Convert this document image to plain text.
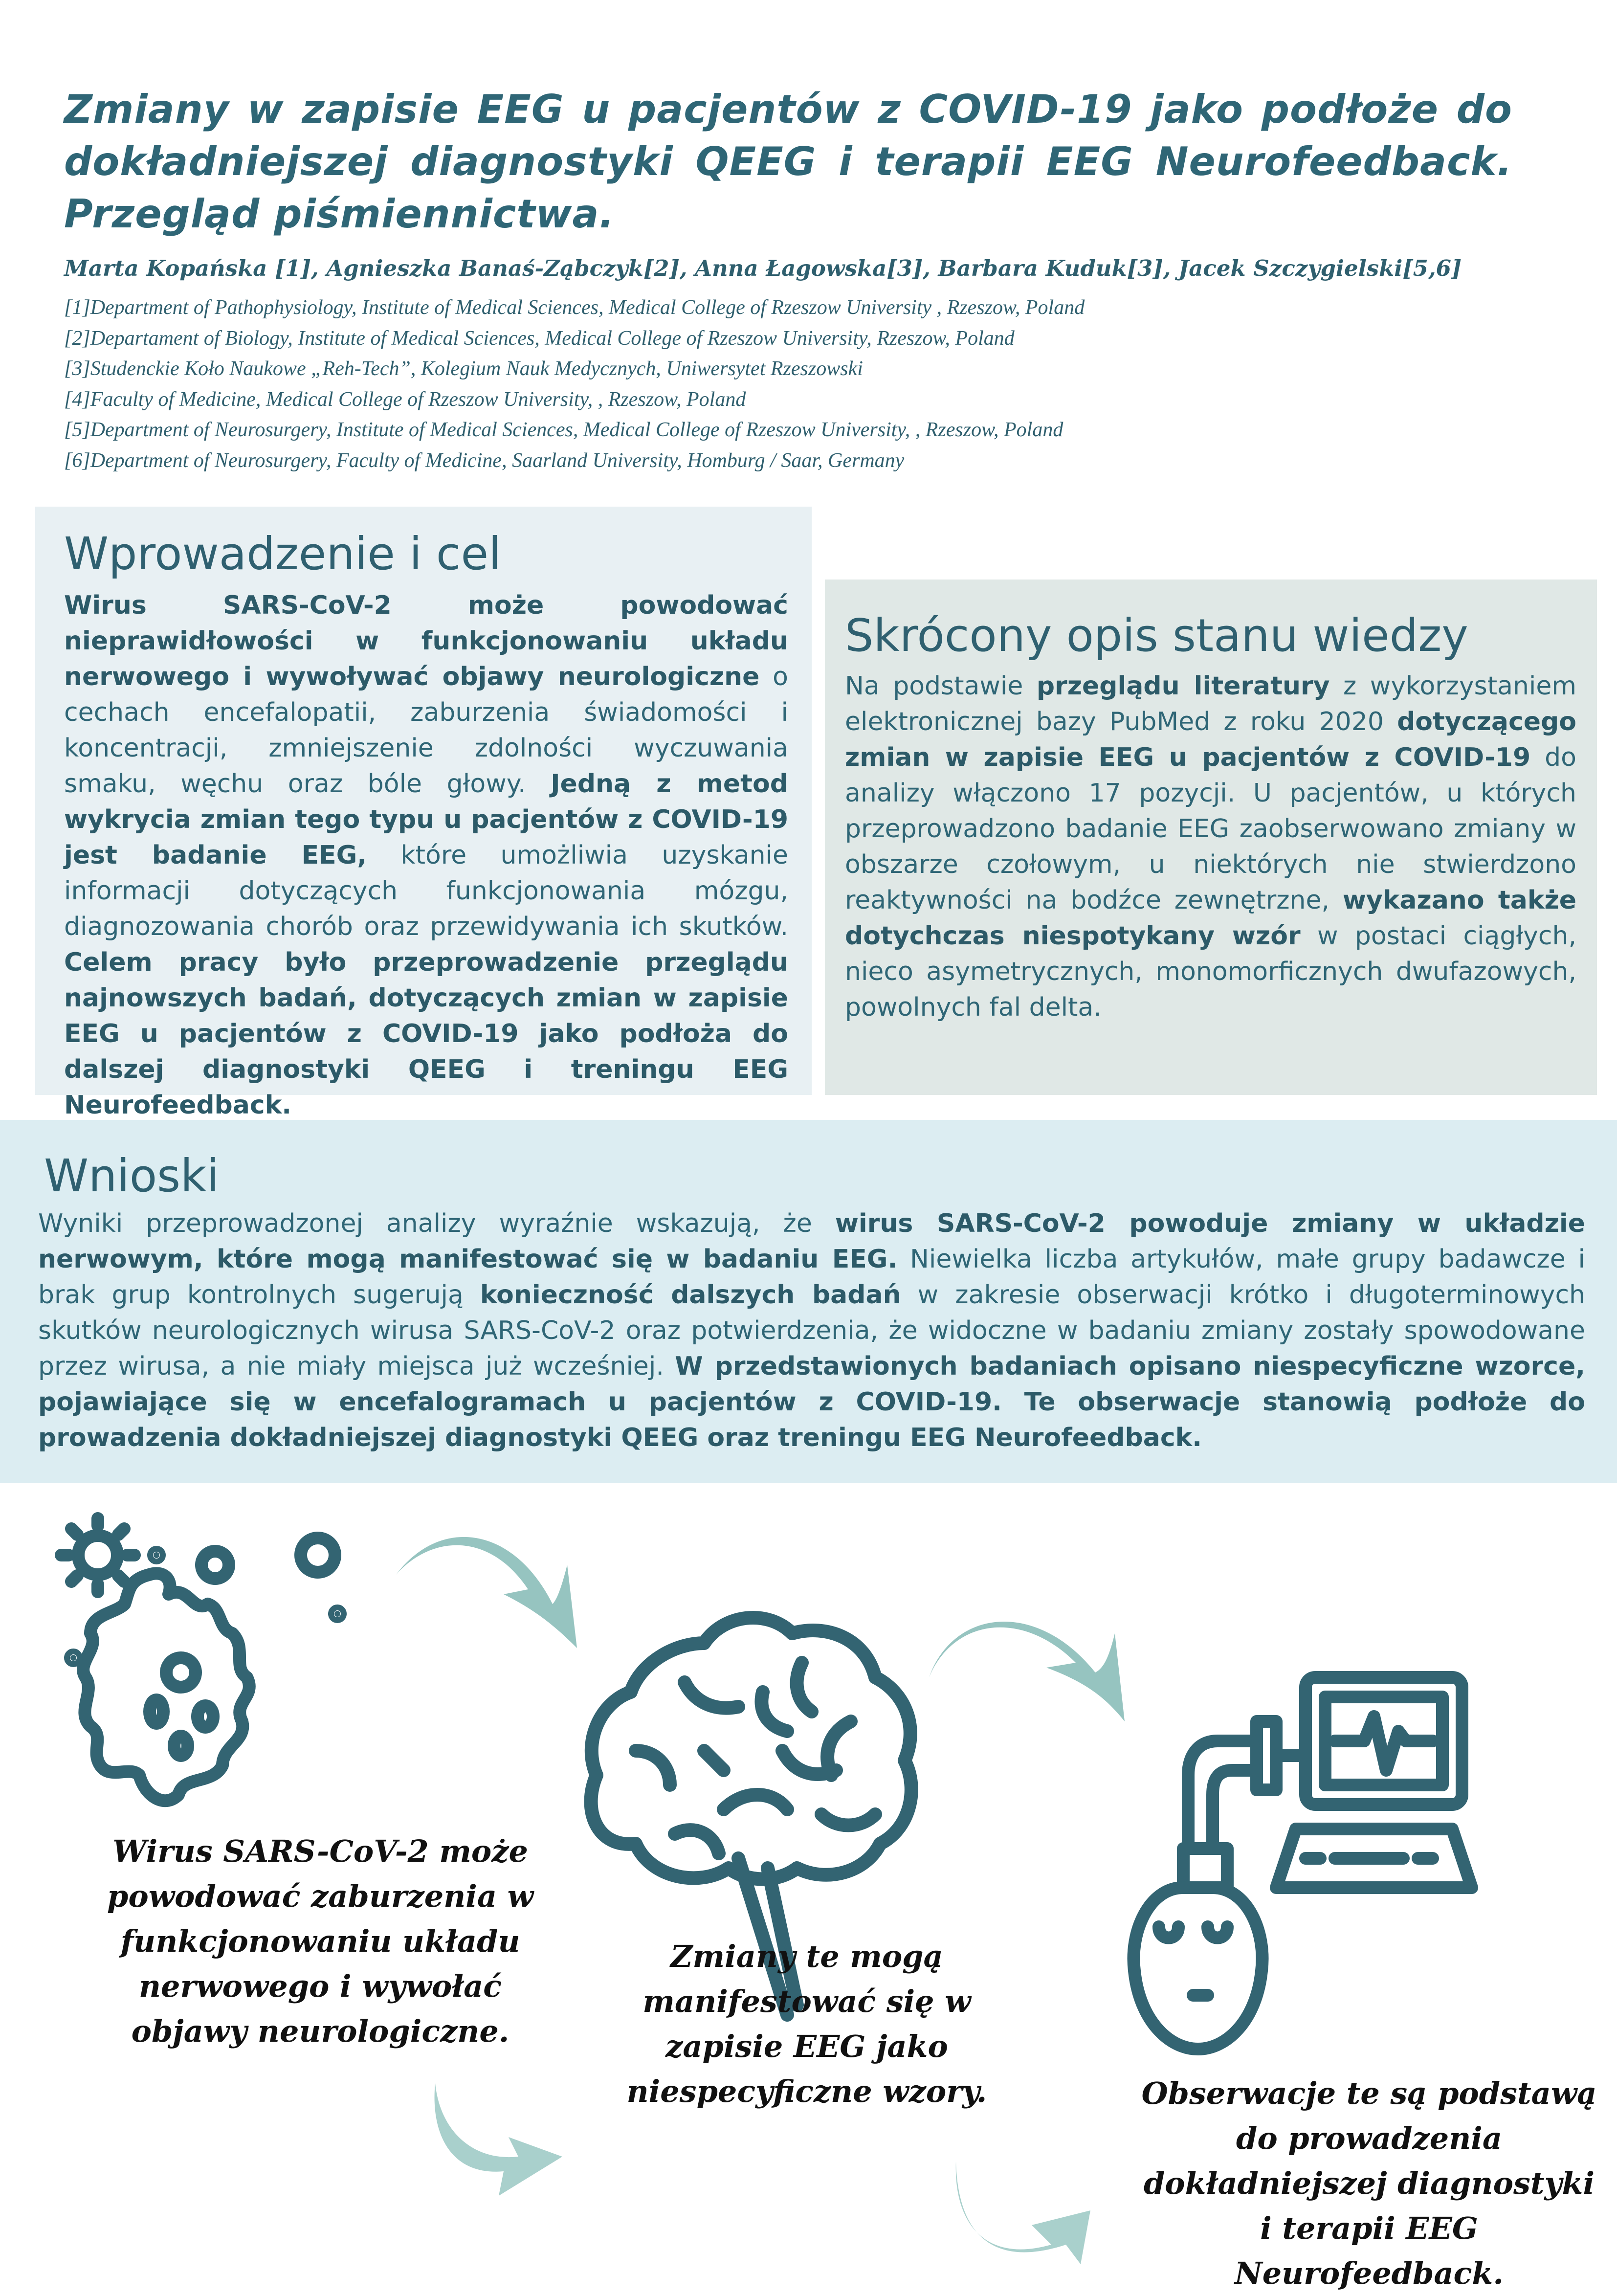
Zmiany w zapisie EEG u pacjentów z COVID-19 jako podłoże do dokładniejszej diagnostyki QEEG i terapii EEG Neurofeedback. Przegląd piśmiennictwa.
Marta Kopańska [1], Agnieszka Banaś-Ząbczyk[2], Anna Łagowska[3], Barbara Kuduk[3], Jacek Szczygielski[5,6]
[1]Department of Pathophysiology, Institute of Medical Sciences, Medical College of Rzeszow University , Rzeszow, Poland
[2]Departament of Biology, Institute of Medical Sciences, Medical College of Rzeszow University, Rzeszow, Poland
[3]Studenckie Koło Naukowe „Reh-Tech”, Kolegium Nauk Medycznych, Uniwersytet Rzeszowski
[4]Faculty of Medicine, Medical College of Rzeszow University, , Rzeszow, Poland
[5]Department of Neurosurgery, Institute of Medical Sciences, Medical College of Rzeszow University, , Rzeszow, Poland
[6]Department of Neurosurgery, Faculty of Medicine, Saarland University, Homburg / Saar, Germany
Wprowadzenie i cel
Wirus SARS-CoV-2 może powodować nieprawidłowości w funkcjonowaniu układu nerwowego i wywoływać objawy neurologiczne o cechach encefalopatii, zaburzenia świadomości i koncentracji, zmniejszenie zdolności wyczuwania smaku, węchu oraz bóle głowy. Jedną z metod wykrycia zmian tego typu u pacjentów z COVID-19 jest badanie EEG, które umożliwia uzyskanie informacji dotyczących funkcjonowania mózgu, diagnozowania chorób oraz przewidywania ich skutków. Celem pracy było przeprowadzenie przeglądu najnowszych badań, dotyczących zmian w zapisie EEG u pacjentów z COVID-19 jako podłoża do dalszej diagnostyki QEEG i treningu EEG Neurofeedback.
Skrócony opis stanu wiedzy
Na podstawie przeglądu literatury z wykorzystaniem elektronicznej bazy PubMed z roku 2020 dotyczącego zmian w zapisie EEG u pacjentów z COVID-19 do analizy włączono 17 pozycji. U pacjentów, u których przeprowadzono badanie EEG zaobserwowano zmiany w obszarze czołowym, u niektórych nie stwierdzono reaktywności na bodźce zewnętrzne, wykazano także dotychczas niespotykany wzór w postaci ciągłych, nieco asymetrycznych, monomorficznych dwufazowych, powolnych fal delta.
Wnioski
Wyniki przeprowadzonej analizy wyraźnie wskazują, że wirus SARS-CoV-2 powoduje zmiany w układzie nerwowym, które mogą manifestować się w badaniu EEG. Niewielka liczba artykułów, małe grupy badawcze i brak grup kontrolnych sugerują konieczność dalszych badań w zakresie obserwacji krótko i długoterminowych skutków neurologicznych wirusa SARS-CoV-2 oraz potwierdzenia, że widoczne w badaniu zmiany zostały spowodowane przez wirusa, a nie miały miejsca już wcześniej. W przedstawionych badaniach opisano niespecyficzne wzorce, pojawiające się w encefalogramach u pacjentów z COVID-19. Te obserwacje stanowią podłoże do prowadzenia dokładniejszej diagnostyki QEEG oraz treningu EEG Neurofeedback.
Wirus SARS-CoV-2 może powodować zaburzenia w funkcjonowaniu układu nerwowego i wywołać objawy neurologiczne.
Zmiany te mogą manifestować się w zapisie EEG jako niespecyficzne wzory.	Obserwacje te są podstawą do prowadzenia dokładniejszej diagnostyki i terapii EEG Neurofeedback.
